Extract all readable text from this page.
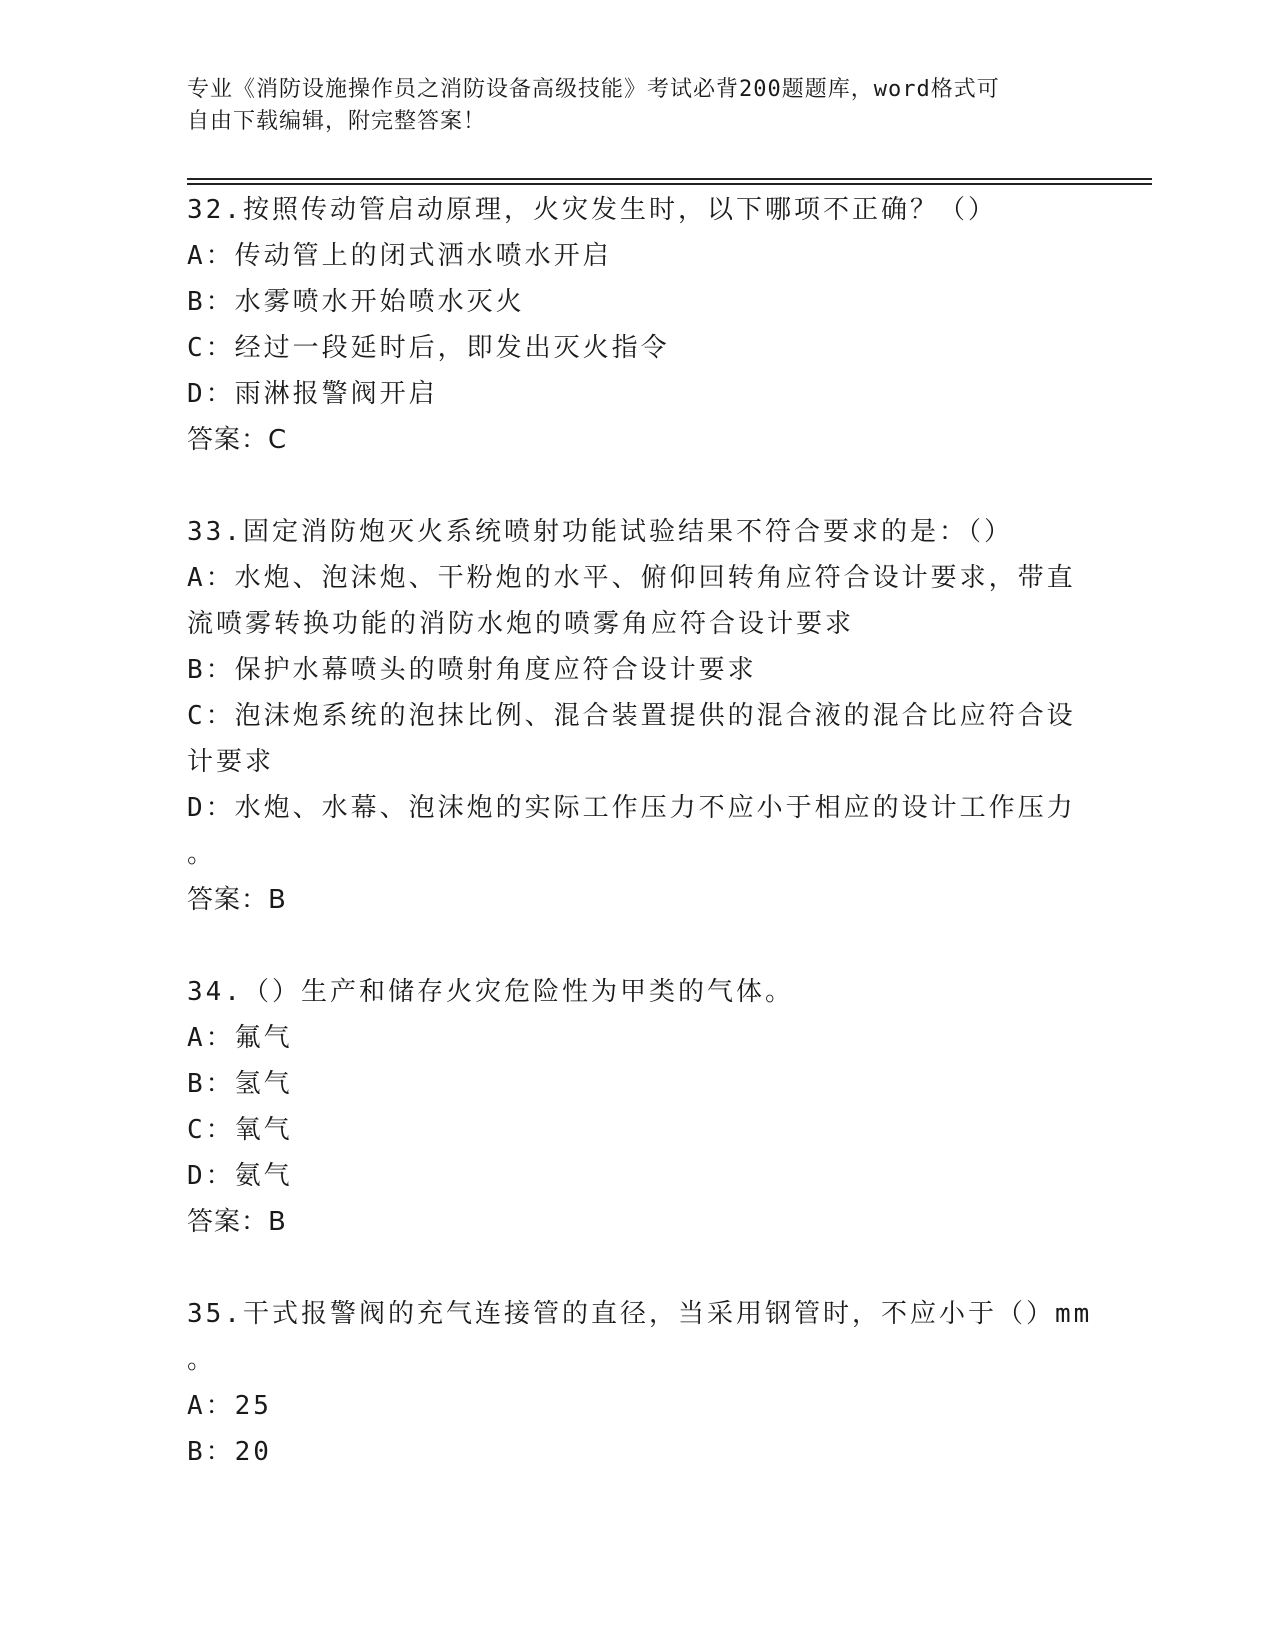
专业《消防设施操作员之消防设备高级技能》考试必背200题题库，word格式可
自由下载编辑，附完整答案！
32.按照传动管启动原理，火灾发生时，以下哪项不正确？（）
A：传动管上的闭式洒水喷水开启
B：水雾喷水开始喷水灭火
C：经过一段延时后，即发出灭火指令
D：雨淋报警阀开启
答案：C
33.固定消防炮灭火系统喷射功能试验结果不符合要求的是：（）
A：水炮、泡沫炮、干粉炮的水平、俯仰回转角应符合设计要求，带直
流喷雾转换功能的消防水炮的喷雾角应符合设计要求
B：保护水幕喷头的喷射角度应符合设计要求
C：泡沫炮系统的泡抹比例、混合装置提供的混合液的混合比应符合设
计要求
D：水炮、水幕、泡沫炮的实际工作压力不应小于相应的设计工作压力
。
答案：B
34.（）生产和储存火灾危险性为甲类的气体。
A：氟气
B：氢气
C：氧气
D：氨气
答案：B
35.干式报警阀的充气连接管的直径，当采用钢管时，不应小于（）mm
。
A：25
B：20
